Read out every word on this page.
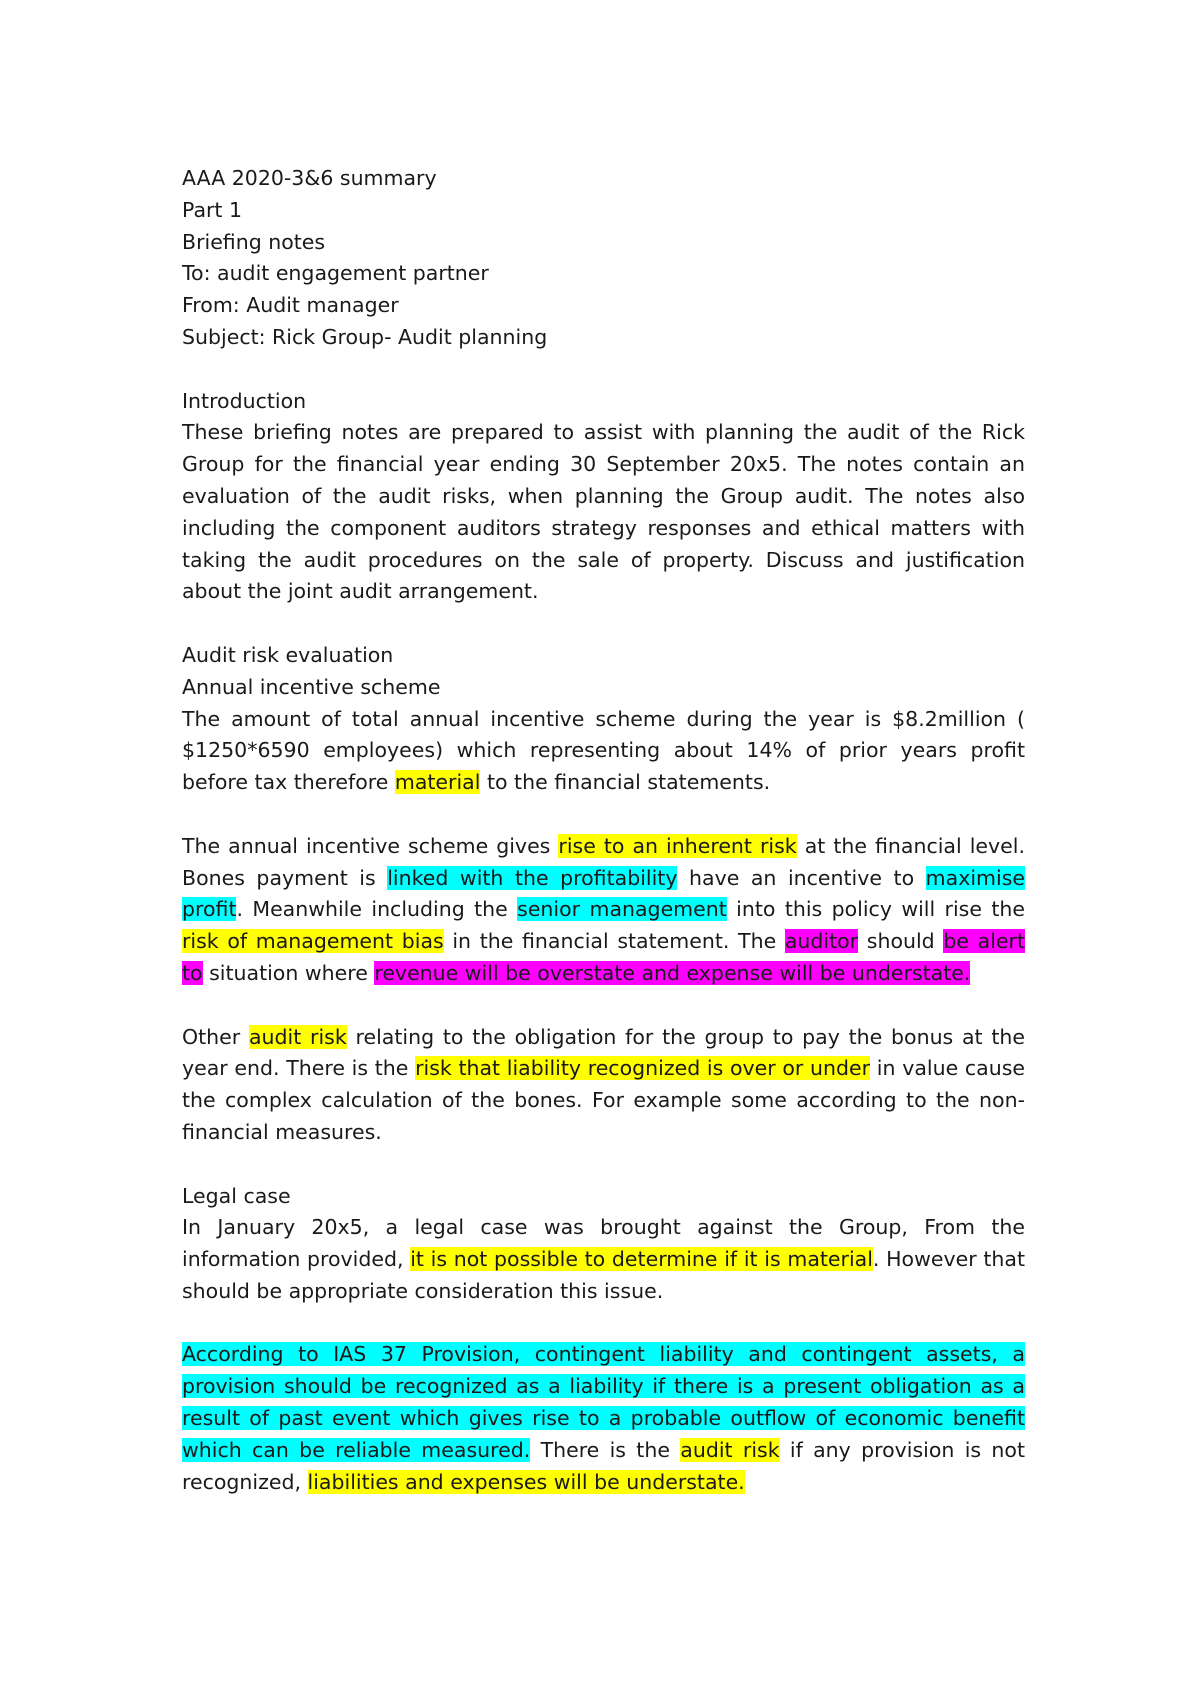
AAA 2020-3&6 summary
Part 1
Briefing notes
To: audit engagement partner
From: Audit manager
Subject: Rick Group- Audit planning
Introduction

These briefing notes are prepared to assist with planning the audit of the Rick Group for the financial year ending 30 September 20x5. The notes contain an evaluation of the audit risks, when planning the Group audit. The notes also including the component auditors strategy responses and ethical matters with taking the audit procedures on the sale of property. Discuss and justification about the joint audit arrangement.

Audit risk evaluation
Annual incentive scheme

The amount of total annual incentive scheme during the year is $8.2million ( $1250*6590 employees) which representing about 14% of prior years profit before tax therefore material to the financial statements.

The annual incentive scheme gives rise to an inherent risk at the financial level. Bones payment is linked with the profitability have an incentive to maximise profit. Meanwhile including the senior management into this policy will rise the risk of management bias in the financial statement. The auditor should be alert to situation where revenue will be overstate and expense will be understate.

Other audit risk relating to the obligation for the group to pay the bonus at the year end. There is the risk that liability recognized is over or under in value cause the complex calculation of the bones. For example some according to the non-financial measures.

Legal case

In January 20x5, a legal case was brought against the Group, From the information provided, it is not possible to determine if it is material. However that should be appropriate consideration this issue.

According to IAS 37 Provision, contingent liability and contingent assets, a provision should be recognized as a liability if there is a present obligation as a result of past event which gives rise to a probable outflow of economic benefit which can be reliable measured. There is the audit risk if any provision is not recognized, liabilities and expenses will be understate.
